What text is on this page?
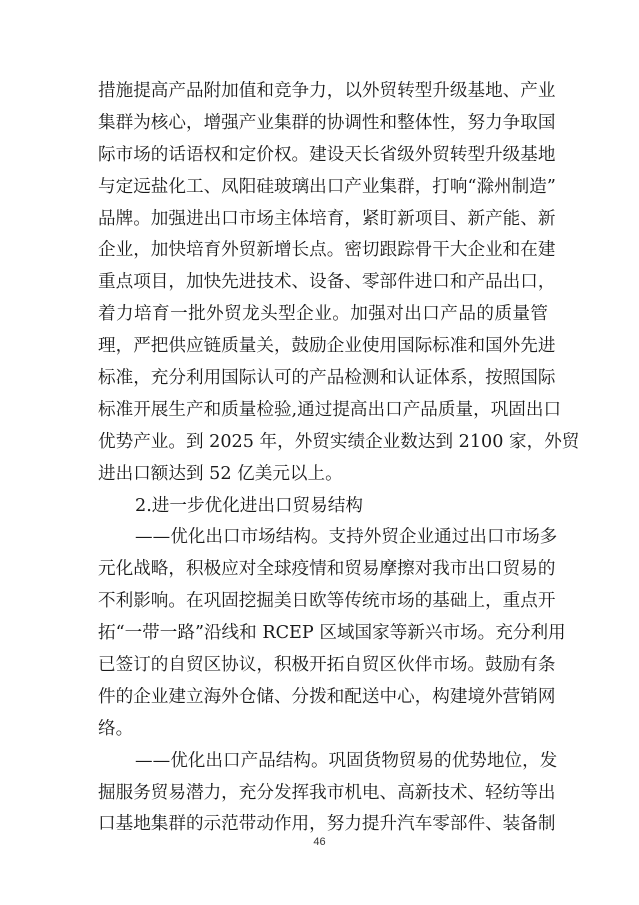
措施提高产品附加值和竞争力，以外贸转型升级基地、产业
集群为核心，增强产业集群的协调性和整体性，努力争取国
际市场的话语权和定价权。建设天长省级外贸转型升级基地
与定远盐化工、凤阳硅玻璃出口产业集群，打响“滁州制造”
品牌。加强进出口市场主体培育，紧盯新项目、新产能、新
企业，加快培育外贸新增长点。密切跟踪骨干大企业和在建
重点项目，加快先进技术、设备、零部件进口和产品出口，
着力培育一批外贸龙头型企业。加强对出口产品的质量管
理，严把供应链质量关，鼓励企业使用国际标准和国外先进
标准，充分利用国际认可的产品检测和认证体系，按照国际
标准开展生产和质量检验,通过提高出口产品质量，巩固出口
优势产业。到 2025 年，外贸实绩企业数达到 2100 家，外贸
进出口额达到 52 亿美元以上。
2.进一步优化进出口贸易结构
——优化出口市场结构。支持外贸企业通过出口市场多
元化战略，积极应对全球疫情和贸易摩擦对我市出口贸易的
不利影响。在巩固挖掘美日欧等传统市场的基础上，重点开
拓“一带一路”沿线和 RCEP 区域国家等新兴市场。充分利用
已签订的自贸区协议，积极开拓自贸区伙伴市场。鼓励有条
件的企业建立海外仓储、分拨和配送中心，构建境外营销网
络。
——优化出口产品结构。巩固货物贸易的优势地位，发
掘服务贸易潜力，充分发挥我市机电、高新技术、轻纺等出
口基地集群的示范带动作用，努力提升汽车零部件、装备制
46
